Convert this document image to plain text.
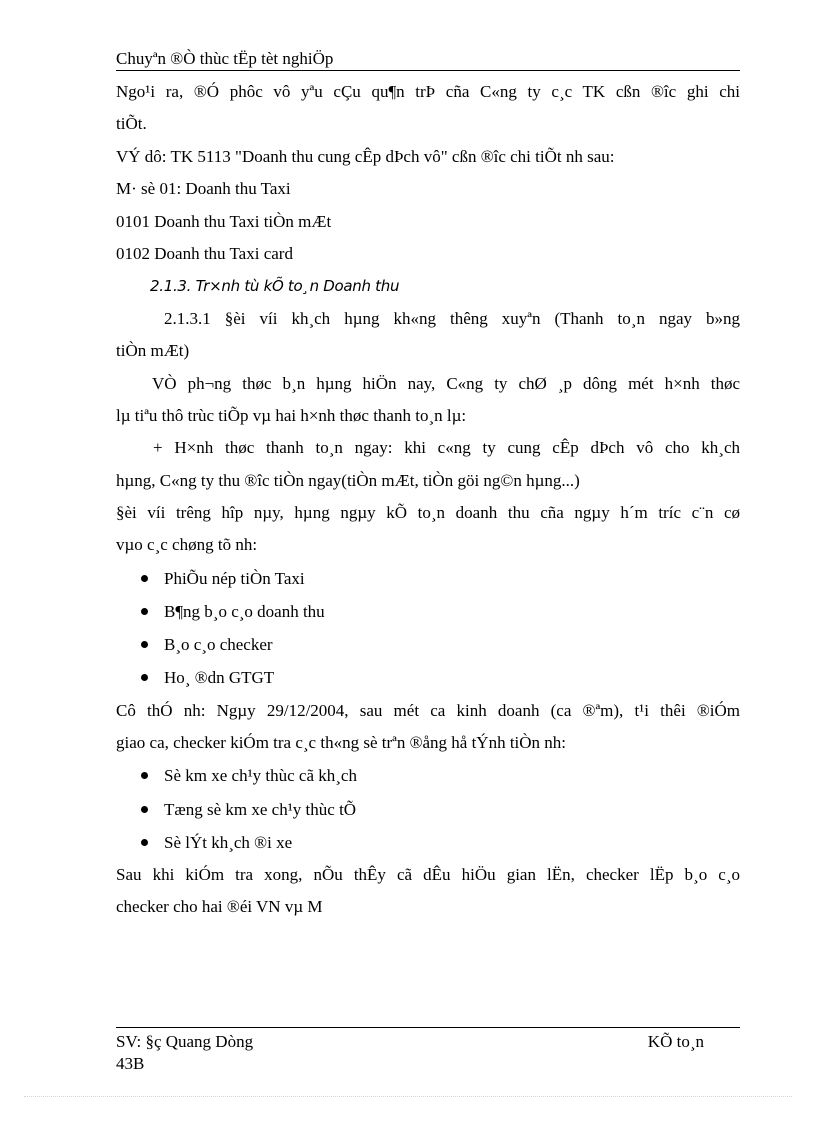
Chuyªn ®Ò thùc tËp tèt nghiÖp
Ngo¹i ra, ®Ó phôc vô yªu cÇu qu¶n trÞ cña C«ng ty c¸c TK cßn ®îc ghi chi
tiÕt.
VÝ dô: TK 5113 "Doanh thu cung cÊp dÞch vô" cßn ®îc chi tiÕt nh sau:
M· sè 01: Doanh thu Taxi
0101 Doanh thu Taxi tiÒn mÆt
0102 Doanh thu Taxi card
2.1.3. Tr×nh tù kÕ to¸n Doanh thu
2.1.3.1 §èi víi kh¸ch hµng kh«ng thêng xuyªn (Thanh to¸n ngay b»ng
tiÒn mÆt)
VÒ ph¬ng thøc b¸n hµng hiÖn nay, C«ng ty chØ ¸p dông mét h×nh thøc
lµ tiªu thô trùc tiÕp vµ hai h×nh thøc thanh to¸n lµ:
+ H×nh thøc thanh to¸n ngay: khi c«ng ty cung cÊp dÞch vô cho kh¸ch
hµng, C«ng ty thu ®îc tiÒn ngay(tiÒn mÆt, tiÒn göi ng©n hµng...)
§èi víi trêng hîp nµy, hµng ngµy kÕ to¸n doanh thu cña ngµy h´m tríc c¨n cø
vµo c¸c chøng tõ nh:
PhiÕu nép tiÒn Taxi
B¶ng b¸o c¸o doanh thu
B¸o c¸o checker
Ho¸ ®dn GTGT
Cô thÓ nh: Ngµy 29/12/2004, sau mét ca kinh doanh (ca ®ªm), t¹i thêi ®iÓm
giao ca, checker kiÓm tra c¸c th«ng sè trªn ®ång hå tÝnh tiÒn nh:
Sè km xe ch¹y thùc cã kh¸ch
Tæng sè km xe ch¹y thùc tÕ
Sè lÝt kh¸ch ®i xe
Sau khi kiÓm tra xong, nÕu thÊy cã dÊu hiÖu gian lËn, checker lËp b¸o c¸o
checker cho hai ®éi VN vµ M
SV: §ç Quang Dòng	KÕ to¸n
43B
